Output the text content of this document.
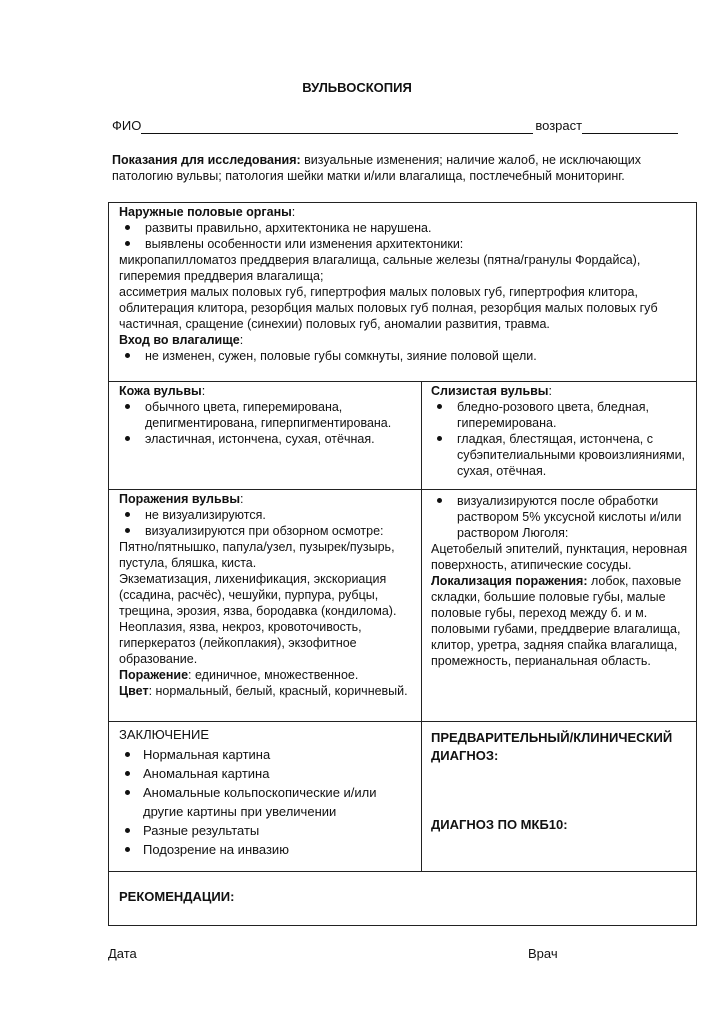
ВУЛЬВОСКОПИЯ
ФИО	возраст
Показания для исследования: визуальные изменения; наличие жалоб, не исключающих патологию вульвы; патология шейки матки и/или влагалища, постлечебный мониторинг.
Наружные половые органы:
развиты правильно, архитектоника не нарушена.
выявлены особенности или изменения архитектоники:
микропапилломатоз преддверия влагалища, сальные железы (пятна/гранулы Фордайса), гиперемия преддверия влагалища;
ассиметрия малых половых губ, гипертрофия малых половых губ, гипертрофия клитора, облитерация клитора, резорбция малых половых губ полная, резорбция малых половых губ частичная, сращение (синехии) половых губ, аномалии развития, травма.
Вход во влагалище:
не изменен, сужен, половые губы сомкнуты, зияние половой щели.
Кожа вульвы:
обычного цвета, гиперемирована, депигментирована, гиперпигментирована.
эластичная, истончена, сухая, отёчная.
Слизистая вульвы:
бледно-розового цвета, бледная, гиперемирована.
гладкая, блестящая, истончена, с субэпителиальными кровоизлияниями, сухая, отёчная.
Поражения вульвы:
не визуализируются.
визуализируются при обзорном осмотре:
Пятно/пятнышко, папула/узел, пузырек/пузырь, пустула, бляшка, киста.
Экзематизация, лихенификация, экскориация (ссадина, расчёс), чешуйки, пурпура, рубцы, трещина, эрозия, язва, бородавка (кондилома).
Неоплазия, язва, некроз, кровоточивость, гиперкератоз (лейкоплакия), экзофитное образование.
Поражение: единичное, множественное.
Цвет: нормальный, белый, красный, коричневый.
визуализируются после обработки раствором 5% уксусной кислоты и/или раствором Люголя:
Ацетобелый эпителий, пунктация, неровная поверхность, атипические сосуды.
Локализация поражения: лобок, паховые складки, большие половые губы, малые половые губы, переход между б. и м. половыми губами, преддверие влагалища, клитор, уретра, задняя спайка влагалища, промежность, перианальная область.
ЗАКЛЮЧЕНИЕ
Нормальная картина
Аномальная картина
Аномальные кольпоскопические и/или другие картины при увеличении
Разные результаты
Подозрение на инвазию
ПРЕДВАРИТЕЛЬНЫЙ/КЛИНИЧЕСКИЙ ДИАГНОЗ:
ДИАГНОЗ ПО МКБ10:
РЕКОМЕНДАЦИИ:
Дата	Врач
